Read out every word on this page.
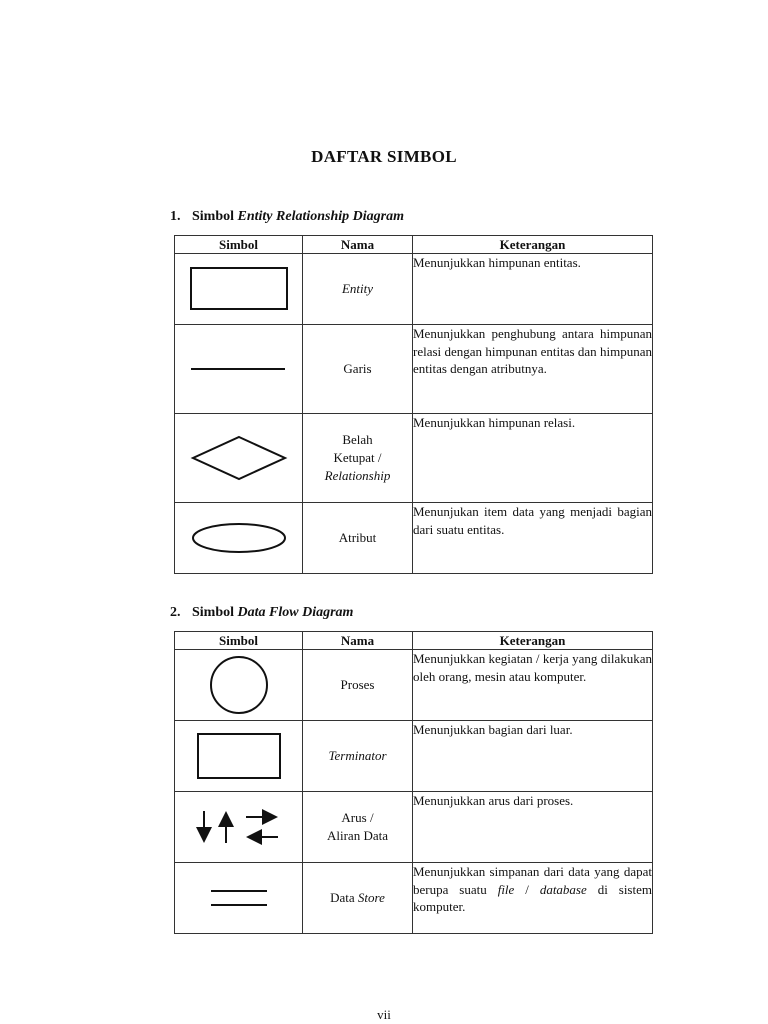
DAFTAR SIMBOL
1. Simbol Entity Relationship Diagram
Simbol	Nama	Keterangan

	Entity	Menunjukkan himpunan entitas.

	Garis	Menunjukkan penghubung antara himpunan relasi dengan himpunan entitas dan himpunan entitas dengan atributnya.

	Belah
Ketupat /
Relationship	Menunjukkan himpunan relasi.

	Atribut	Menunjukan item data yang menjadi bagian dari suatu entitas.
2. Simbol Data Flow Diagram
Simbol	Nama	Keterangan

	Proses	Menunjukkan kegiatan / kerja yang dilakukan oleh orang, mesin atau komputer.

	Terminator	Menunjukkan bagian dari luar.

	Arus /
Aliran Data	Menunjukkan arus dari proses.

	Data Store	Menunjukkan simpanan dari data yang dapat berupa suatu file / database di sistem komputer.
vii
